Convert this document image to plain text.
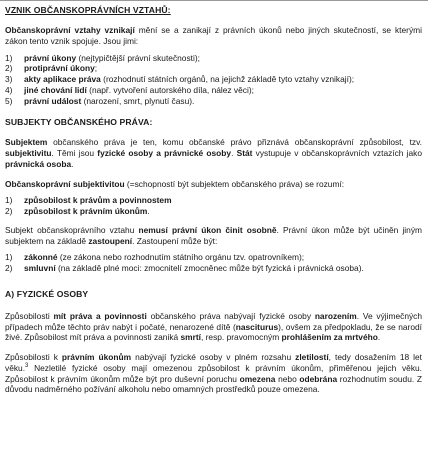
VZNIK OBČANSKOPRÁVNÍCH VZTAHŮ:

Občanskoprávní vztahy vznikají mění se a zanikají z právních úkonů nebo jiných skutečností, se kterými zákon tento vznik spojuje. Jsou jimi:

1)	právní úkony (nejtypičtější právní skutečnosti);
2)	protiprávní úkony;
3)	akty aplikace práva (rozhodnutí státních orgánů, na jejichž základě tyto vztahy vznikají);
4)	jiné chování lidí (např. vytvoření autorského díla, nález věci);
5)	právní událost (narození, smrt, plynutí času).
SUBJEKTY OBČANSKÉHO PRÁVA:

Subjektem občanského práva je ten, komu občanské právo přiznává občanskoprávní způsobilost, tzv. subjektivitu. Těmi jsou fyzické osoby a právnické osoby. Stát vystupuje v občanskoprávních vztazích jako právnická osoba.

Občanskoprávní subjektivitou (=schopností být subjektem občanského práva) se rozumí:

1)	způsobilost k právům a povinnostem
2)	způsobilost k právním úkonům.

Subjekt občanskoprávního vztahu nemusí právní úkon činit osobně. Právní úkon může být učiněn jiným subjektem na základě zastoupení. Zastoupení může být:

1)	zákonné (ze zákona nebo rozhodnutím státního orgánu tzv. opatrovníkem);
2)	smluvní (na základě plné moci: zmocnitelí zmocněnec může být fyzická i právnická osoba).
A) FYZICKÉ OSOBY

Způsobilosti mít práva a povinnosti občanského práva nabývají fyzické osoby narozením. Ve výjimečných případech může těchto práv nabýt i počaté, nenarozené dítě (nasciturus), ovšem za předpokladu, že se narodí živé. Způsobilost mít práva a povinnosti zaniká smrtí, resp. pravomocným prohlášením za mrtvého.

Způsobilosti k právním úkonům nabývají fyzické osoby v plném rozsahu zletilostí, tedy dosažením 18 let věku.$^3$ Nezletilé fyzické osoby mají omezenou způsobilost k právním úkonům, přiměřenou jejich věku. Způsobilost k právním úkonům může být pro duševní poruchu omezena nebo odebrána rozhodnutím soudu. Z důvodu nadměrného požívání alkoholu nebo omamných prostředků pouze omezena.
